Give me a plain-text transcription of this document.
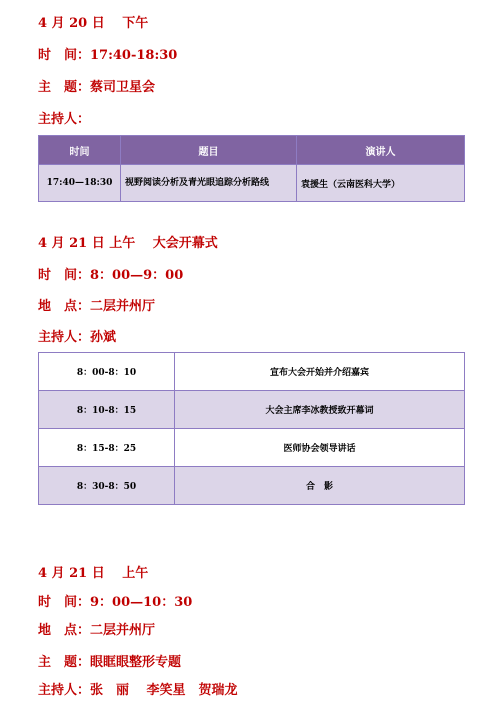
4 月 20 日　 下午
时　间：17:40-18:30
主　题：蔡司卫星会
主持人：
时间	题目	演讲人
17:40—18:30	视野阅读分析及青光眼追踪分析路线	袁援生（云南医科大学）
4 月 21 日 上午　 大会开幕式
时　间：8：00—9：00
地　点：二层并州厅
主持人：孙斌
8：00-8：10	宣布大会开始并介绍嘉宾
8：10-8：15	大会主席李冰教授致开幕词
8：15-8：25	医师协会领导讲话
8：30-8：50	合　影
4 月 21 日　 上午
时　间：9：00—10：30
地　点：二层并州厅
主　题：眼眶眼整形专题
主持人：张　丽　 李笑星　贺瑞龙
